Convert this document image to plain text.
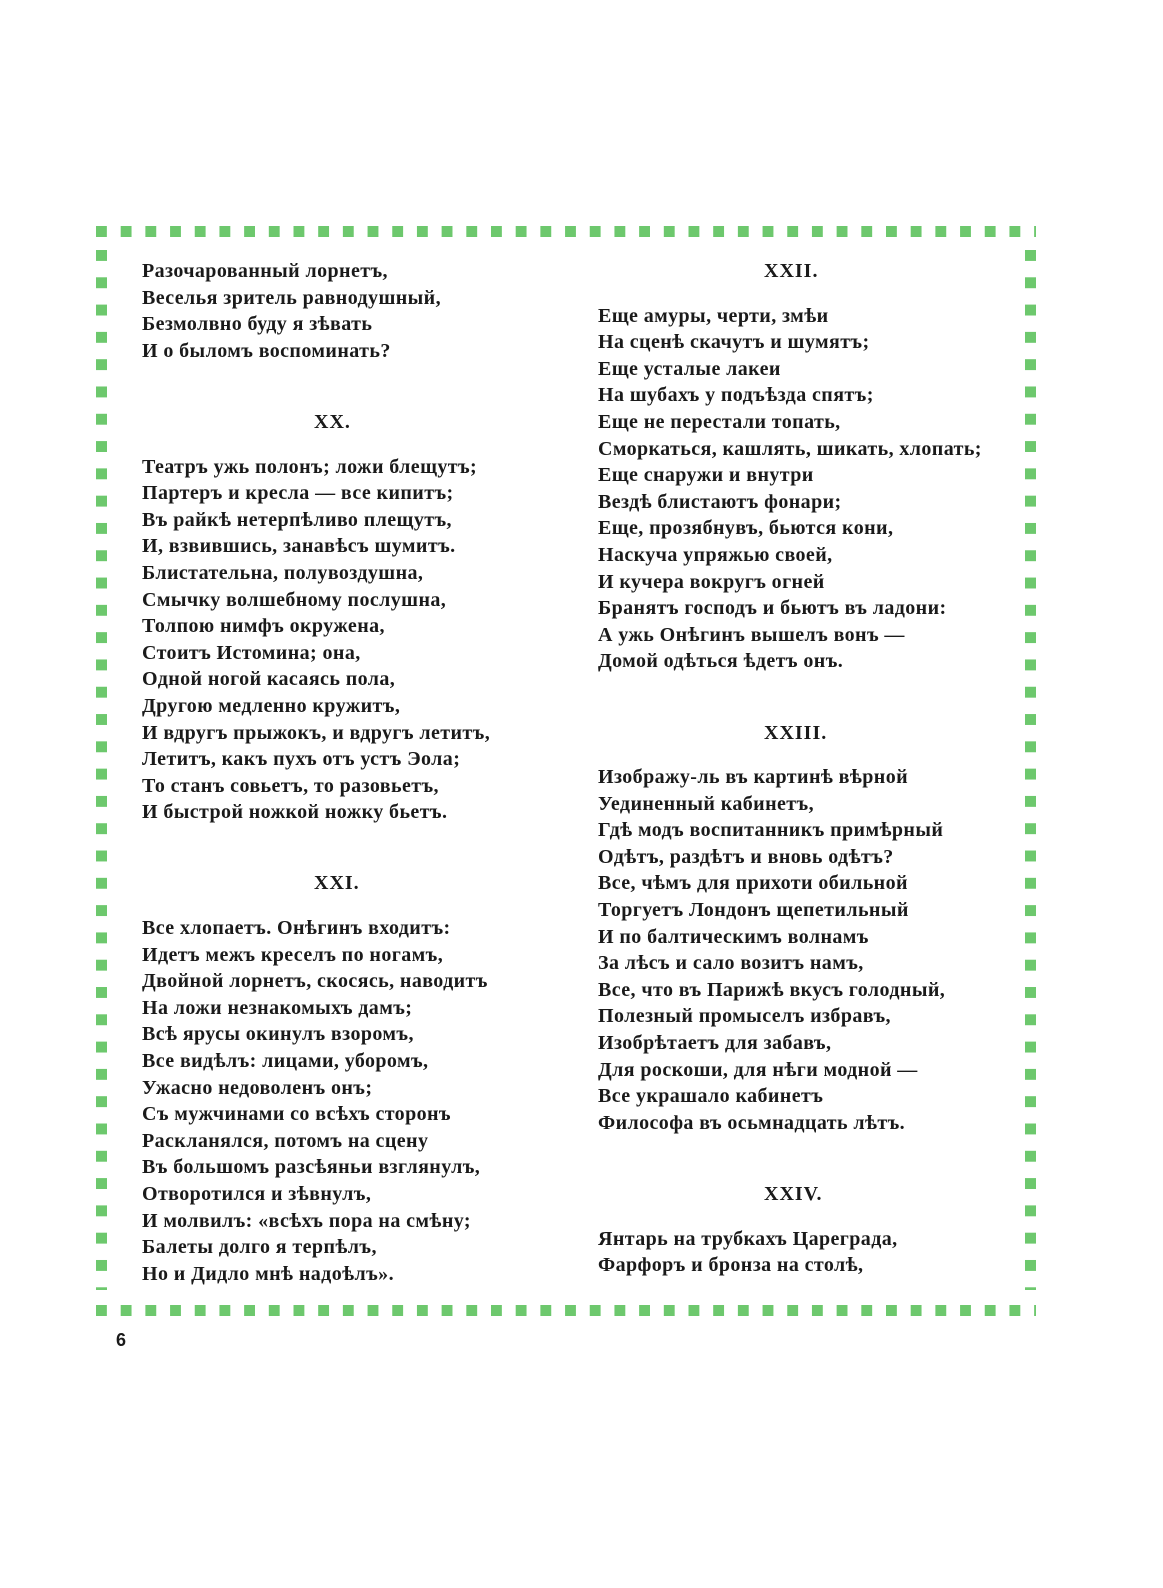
Разочарованный лорнетъ,
Веселья зритель равнодушный,
Безмолвно буду я зѣвать
И о быломъ воспоминать?
XX.
Театръ ужь полонъ; ложи блещутъ;
Партеръ и кресла — все кипитъ;
Въ райкѣ нетерпѣливо плещутъ,
И, взвившись, занавѣсъ шумитъ.
Блистательна, полувоздушна,
Смычку волшебному послушна,
Толпою нимфъ окружена,
Стоитъ Истомина; она,
Одной ногой касаясь пола,
Другою медленно кружитъ,
И вдругъ прыжокъ, и вдругъ летитъ,
Летитъ, какъ пухъ отъ устъ Эола;
То станъ совьетъ, то разовьетъ,
И быстрой ножкой ножку бьетъ.
XXI.
Все хлопаетъ. Онѣгинъ входитъ:
Идетъ межъ креселъ по ногамъ,
Двойной лорнетъ, скосясь, наводитъ
На ложи незнакомыхъ дамъ;
Всѣ ярусы окинулъ взоромъ,
Все видѣлъ: лицами, уборомъ,
Ужасно недоволенъ онъ;
Съ мужчинами со всѣхъ сторонъ
Раскланялся, потомъ на сцену
Въ большомъ разсѣяньи взглянулъ,
Отворотился и зѣвнулъ,
И молвилъ: «всѣхъ пора на смѣну;
Балеты долго я терпѣлъ,
Но и Дидло мнѣ надоѣлъ».
XXII.
Еще амуры, черти, змѣи
На сценѣ скачутъ и шумятъ;
Еще усталые лакеи
На шубахъ у подъѣзда спятъ;
Еще не перестали топать,
Сморкаться, кашлять, шикать, хлопать;
Еще снаружи и внутри
Вездѣ блистаютъ фонари;
Еще, прозябнувъ, бьются кони,
Наскуча упряжью своей,
И кучера вокругъ огней
Бранятъ господъ и бьютъ въ ладони:
А ужь Онѣгинъ вышелъ вонъ —
Домой одѣться ѣдетъ онъ.
XXIII.
Изображу-ль въ картинѣ вѣрной
Уединенный кабинетъ,
Гдѣ модъ воспитанникъ примѣрный
Одѣтъ, раздѣтъ и вновь одѣтъ?
Все, чѣмъ для прихоти обильной
Торгуетъ Лондонъ щепетильный
И по балтическимъ волнамъ
За лѣсъ и сало возитъ намъ,
Все, что въ Парижѣ вкусъ голодный,
Полезный промыселъ избравъ,
Изобрѣтаетъ для забавъ,
Для роскоши, для нѣги модной —
Все украшало кабинетъ
Философа въ осьмнадцать лѣтъ.
XXIV.
Янтарь на трубкахъ Цареграда,
Фарфоръ и бронза на столѣ,
6
